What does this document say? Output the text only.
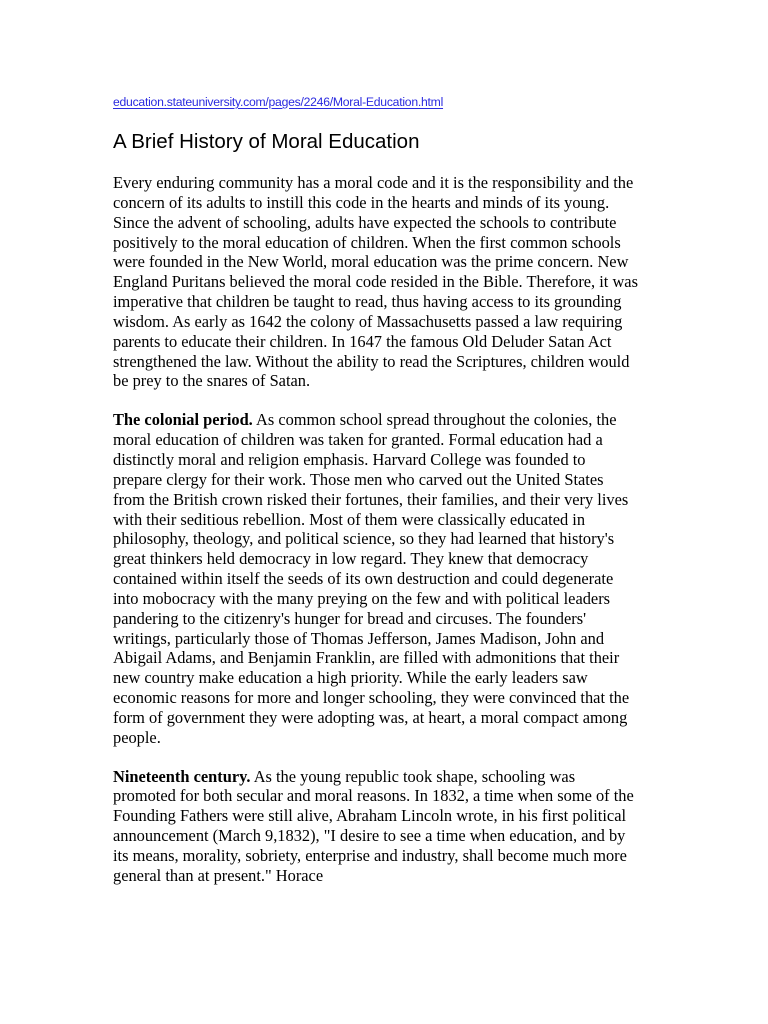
education.stateuniversity.com/pages/2246/Moral-Education.html
A Brief History of Moral Education

Every enduring community has a moral code and it is the responsibility and the concern of its adults to instill this code in the hearts and minds of its young. Since the advent of schooling, adults have expected the schools to contribute positively to the moral education of children. When the first common schools were founded in the New World, moral education was the prime concern. New England Puritans believed the moral code resided in the Bible. Therefore, it was imperative that children be taught to read, thus having access to its grounding wisdom. As early as 1642 the colony of Massachusetts passed a law requiring parents to educate their children. In 1647 the famous Old Deluder Satan Act strengthened the law. Without the ability to read the Scriptures, children would be prey to the snares of Satan.

The colonial period. As common school spread throughout the colonies, the moral education of children was taken for granted. Formal education had a distinctly moral and religion emphasis. Harvard College was founded to prepare clergy for their work. Those men who carved out the United States from the British crown risked their fortunes, their families, and their very lives with their seditious rebellion. Most of them were classically educated in philosophy, theology, and political science, so they had learned that history's great thinkers held democracy in low regard. They knew that democracy contained within itself the seeds of its own destruction and could degenerate into mobocracy with the many preying on the few and with political leaders pandering to the citizenry's hunger for bread and circuses. The founders' writings, particularly those of Thomas Jefferson, James Madison, John and Abigail Adams, and Benjamin Franklin, are filled with admonitions that their new country make education a high priority. While the early leaders saw economic reasons for more and longer schooling, they were convinced that the form of government they were adopting was, at heart, a moral compact among people.

Nineteenth century. As the young republic took shape, schooling was promoted for both secular and moral reasons. In 1832, a time when some of the Founding Fathers were still alive, Abraham Lincoln wrote, in his first political announcement (March 9,1832), "I desire to see a time when education, and by its means, morality, sobriety, enterprise and industry, shall become much more general than at present." Horace
